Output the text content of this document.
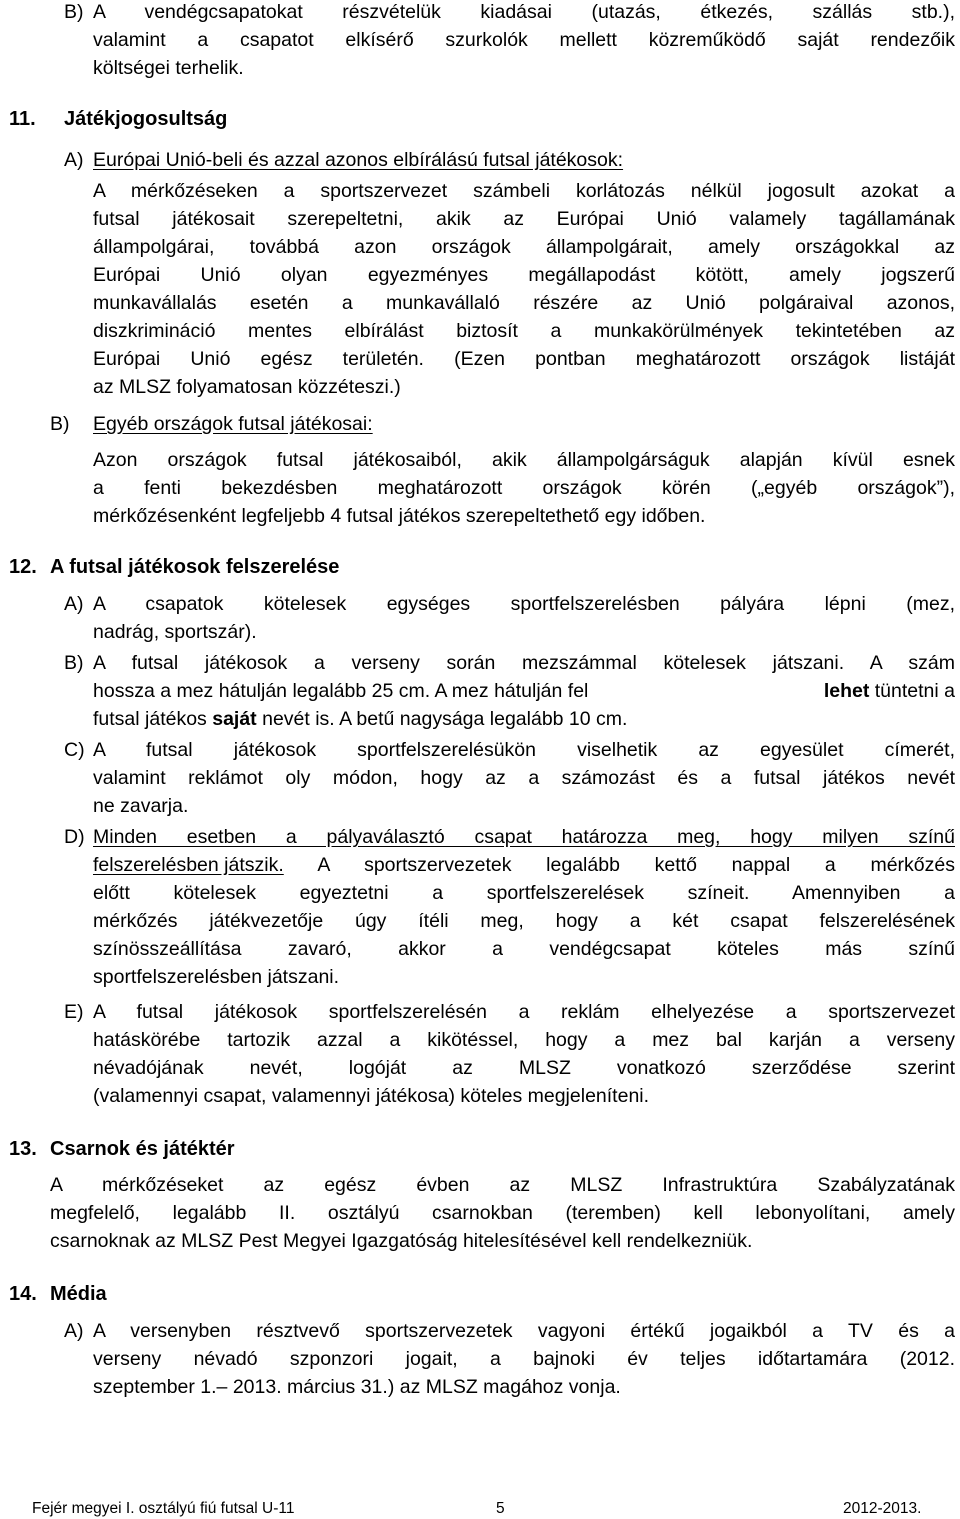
B) A vendégcsapatokat részvételük kiadásai (utazás, étkezés, szállás stb.),
valamint a csapatot elkísérő szurkolók mellett közreműködő saját rendezőik
költségei terhelik.
11. Játékjogosultság
A) Európai Unió-beli és azzal azonos elbírálású futsal játékosok:
A mérkőzéseken a sportszervezet számbeli korlátozás nélkül jogosult azokat a
futsal játékosait szerepeltetni, akik az Európai Unió valamely tagállamának
állampolgárai, továbbá azon országok állampolgárait, amely országokkal az
Európai Unió olyan egyezményes megállapodást kötött, amely jogszerű
munkavállalás esetén a munkavállaló részére az Unió polgáraival azonos,
diszkrimináció mentes elbírálást biztosít a munkakörülmények tekintetében az
Európai Unió egész területén. (Ezen pontban meghatározott országok listáját
az MLSZ folyamatosan közzéteszi.)
B) Egyéb országok futsal játékosai:
Azon országok futsal játékosaiból, akik állampolgárságuk alapján kívül esnek
a fenti bekezdésben meghatározott országok körén („egyéb országok”),
mérkőzésenként legfeljebb 4 futsal játékos szerepeltethető egy időben.
12. A futsal játékosok felszerelése
A) A csapatok kötelesek egységes sportfelszerelésben pályára lépni (mez,
nadrág, sportszár).
B) A futsal játékosok a verseny során mezszámmal kötelesek játszani. A szám
hossza a mez hátulján legalább 25 cm. A mez hátulján fel	lehet tüntetni a
futsal játékos saját nevét is. A betű nagysága legalább 10 cm.
C) A futsal játékosok sportfelszerelésükön viselhetik az egyesület címerét,
valamint reklámot oly módon, hogy az a számozást és a futsal játékos nevét
ne zavarja.
D) Minden esetben a pályaválasztó csapat határozza meg, hogy milyen színű
felszerelésben játszik. A sportszervezetek legalább kettő nappal a mérkőzés
előtt kötelesek egyeztetni a sportfelszerelések színeit. Amennyiben a
mérkőzés játékvezetője úgy ítéli meg, hogy a két csapat felszerelésének
színösszeállítása zavaró, akkor a vendégcsapat köteles más színű
sportfelszerelésben játszani.
E) A futsal játékosok sportfelszerelésén a reklám elhelyezése a sportszervezet
hatáskörébe tartozik azzal a kikötéssel, hogy a mez bal karján a verseny
névadójának nevét, logóját az MLSZ vonatkozó szerződése szerint
(valamennyi csapat, valamennyi játékosa) köteles megjeleníteni.
13. Csarnok és játéktér
A mérkőzéseket az egész évben az MLSZ Infrastruktúra Szabályzatának
megfelelő, legalább II. osztályú csarnokban (teremben) kell lebonyolítani, amely
csarnoknak az MLSZ Pest Megyei Igazgatóság hitelesítésével kell rendelkezniük.
14. Média
A) A versenyben résztvevő sportszervezetek vagyoni értékű jogaikból a TV és a
verseny névadó szponzori jogait, a bajnoki év teljes időtartamára (2012.
szeptember 1.– 2013. március 31.) az MLSZ magához vonja.
Fejér megyei I. osztályú fiú futsal U-11	5	2012-2013.
